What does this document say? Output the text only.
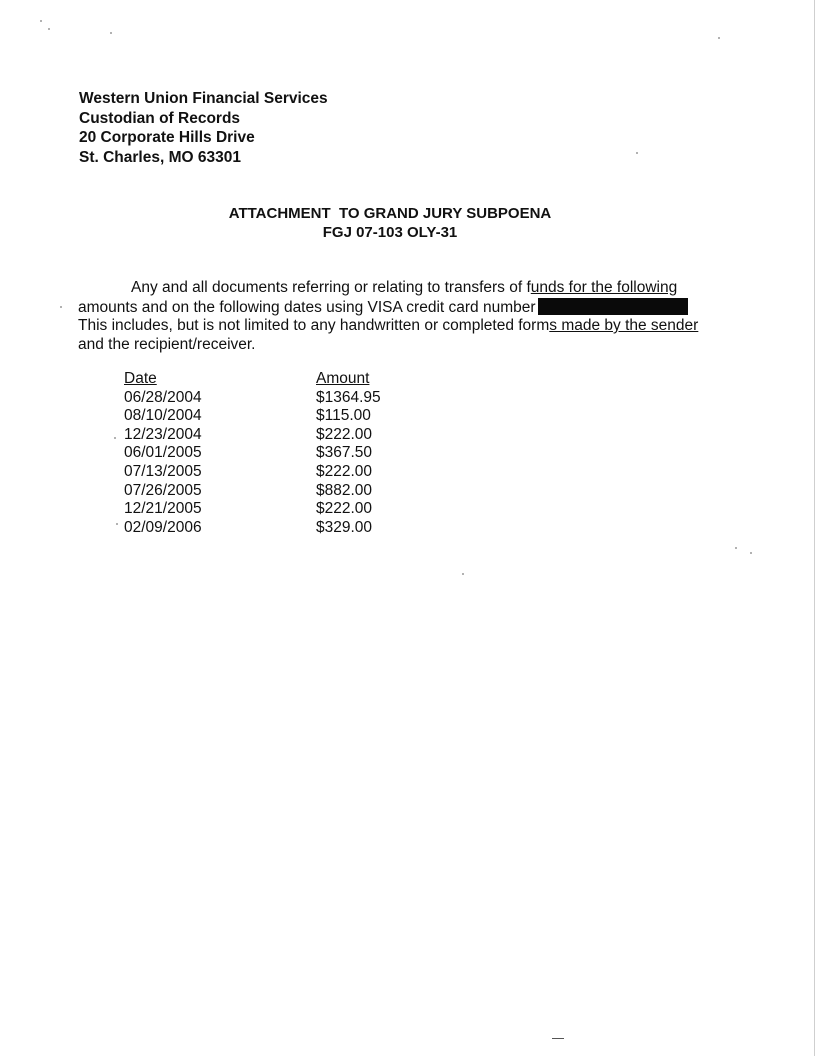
Western Union Financial Services
Custodian of Records
20 Corporate Hills Drive
St. Charles, MO 63301
ATTACHMENT  TO GRAND JURY SUBPOENA
FGJ 07-103 OLY-31
Any and all documents referring or relating to transfers of funds for the following
amounts and on the following dates using VISA credit card number
This includes, but is not limited to any handwritten or completed forms made by the sender
and the recipient/receiver.
Date
06/28/2004
08/10/2004
12/23/2004
06/01/2005
07/13/2005
07/26/2005
12/21/2005
02/09/2006
Amount
$1364.95
$115.00
$222.00
$367.50
$222.00
$882.00
$222.00
$329.00
